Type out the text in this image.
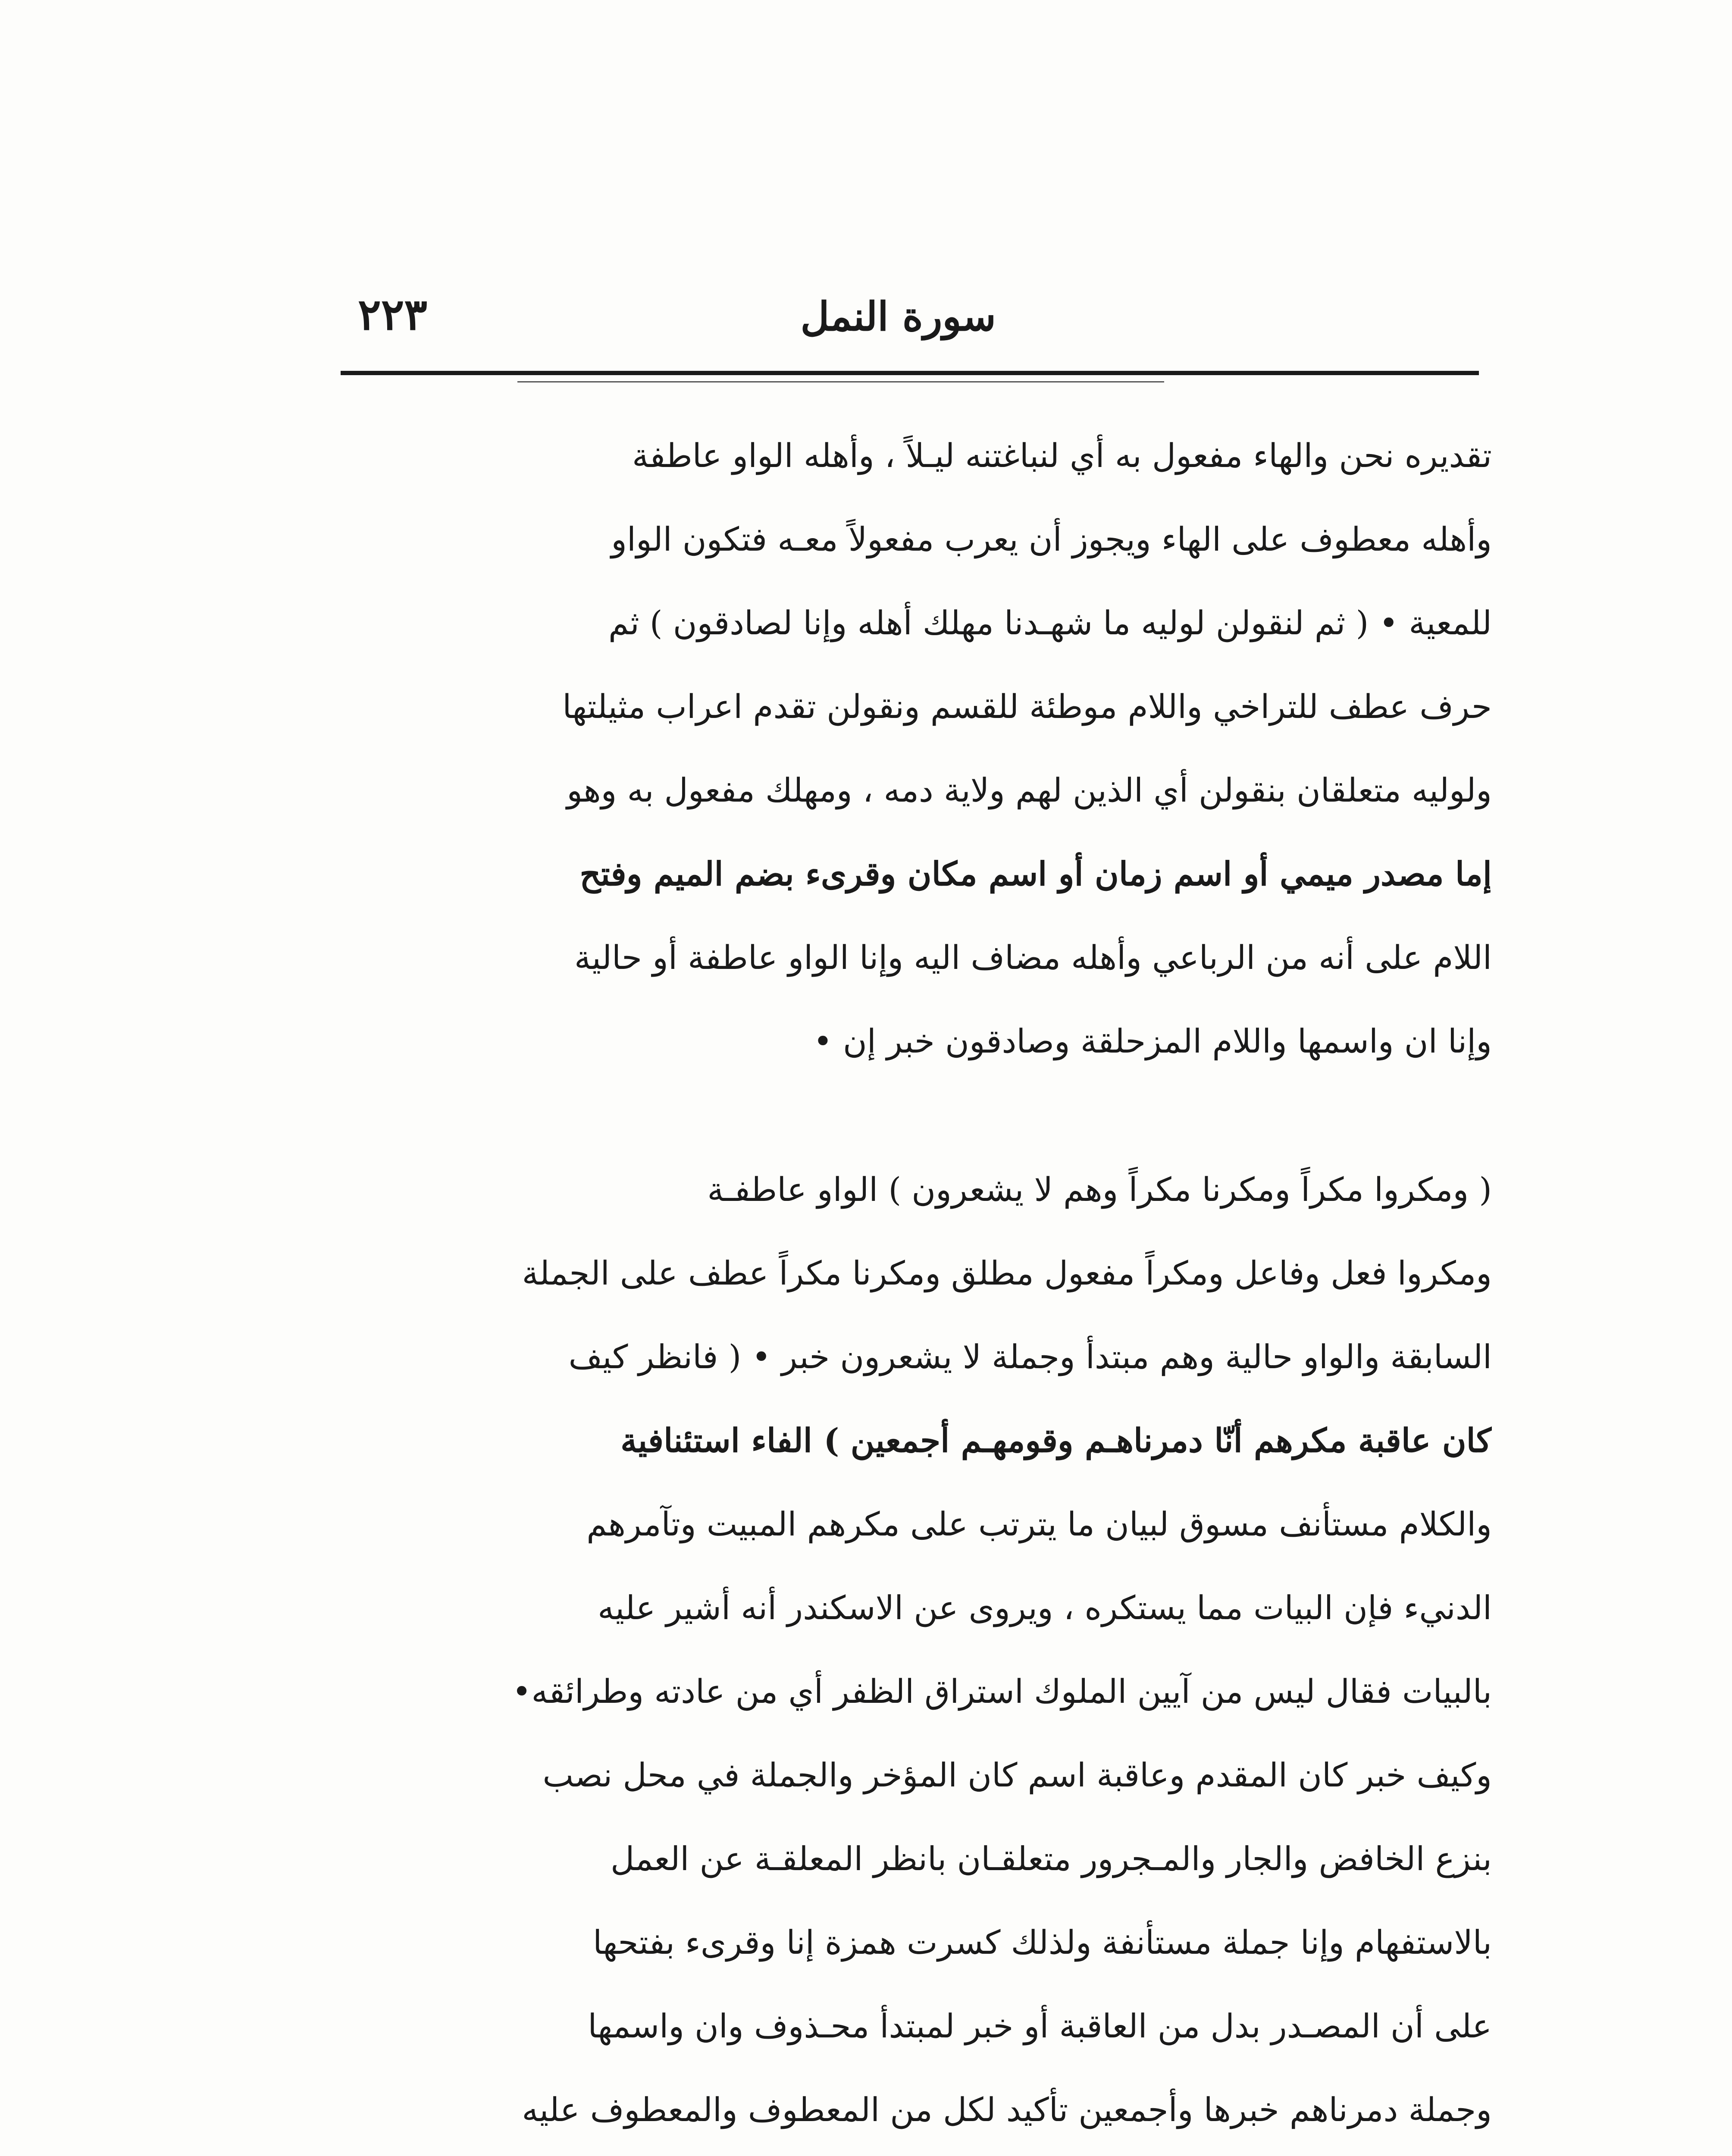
سورة النمل
٢٢٣

تقديره نحن والهاء مفعول به أي لنباغتنه ليـلاً ، وأهله الواو عاطفة
وأهله معطوف على الهاء ويجوز أن يعرب مفعولاً معـه فتكون الواو
للمعية • ( ثم لنقولن لوليه ما شهـدنا مهلك أهله وإنا لصادقون ) ثم
حرف عطف للتراخي واللام موطئة للقسم ونقولن تقدم اعراب مثيلتها
ولوليه متعلقان بنقولن أي الذين لهم ولاية دمه ، ومهلك مفعول به وهو
إما مصدر ميمي أو اسم زمان أو اسم مكان وقرىء بضم الميم وفتح
اللام على أنه من الرباعي وأهله مضاف اليه وإنا الواو عاطفة أو حالية
وإنا ان واسمها واللام المزحلقة وصادقون خبر إن •

( ومكروا مكراً ومكرنا مكراً وهم لا يشعرون ) الواو عاطفـة
ومكروا فعل وفاعل ومكراً مفعول مطلق ومكرنا مكراً عطف على الجملة
السابقة والواو حالية وهم مبتدأ وجملة لا يشعرون خبر • ( فانظر كيف
كان عاقبة مكرهم أنّا دمرناهـم وقومهـم أجمعين ) الفاء استئنافية
والكلام مستأنف مسوق لبيان ما يترتب على مكرهم المبيت وتآمرهم
الدنيء فإن البيات مما يستكره ، ويروى عن الاسكندر أنه أشير عليه
بالبيات فقال ليس من آيين الملوك استراق الظفر أي من عادته وطرائقه•
وكيف خبر كان المقدم وعاقبة اسم كان المؤخر والجملة في محل نصب
بنزع الخافض والجار والمـجرور متعلقـان بانظر المعلقـة عن العمل
بالاستفهام وإنا جملة مستأنفة ولذلك كسرت همزة إنا وقرىء بفتحها
على أن المصـدر بدل من العاقبة أو خبر لمبتدأ محـذوف وان واسمها
وجملة دمرناهم خبرها وأجمعين تأكيد لكل من المعطوف والمعطوف عليه
